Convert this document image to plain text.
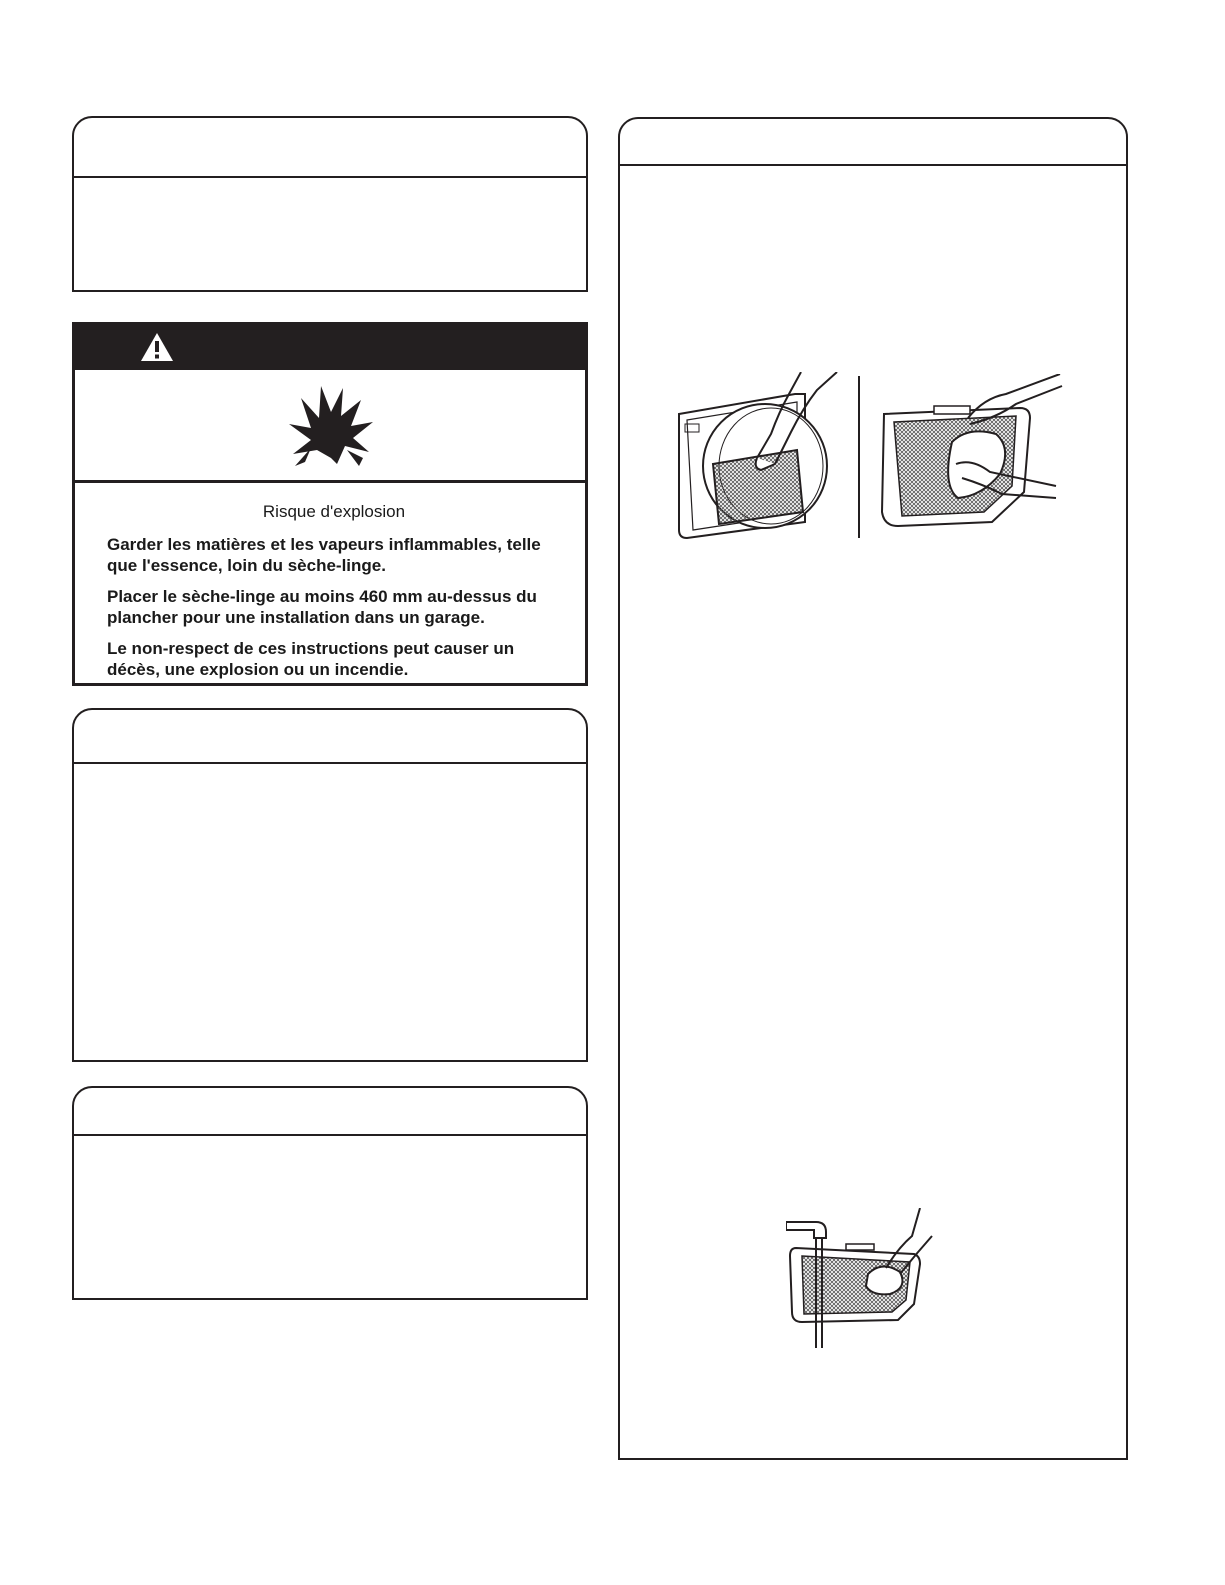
Risque d'explosion

Garder les matières et les vapeurs inflammables, telle que l'essence, loin du sèche-linge.

Placer le sèche-linge au moins 460 mm au-dessus du plancher pour une installation dans un garage.

Le non-respect de ces instructions peut causer un décès, une explosion ou un incendie.
